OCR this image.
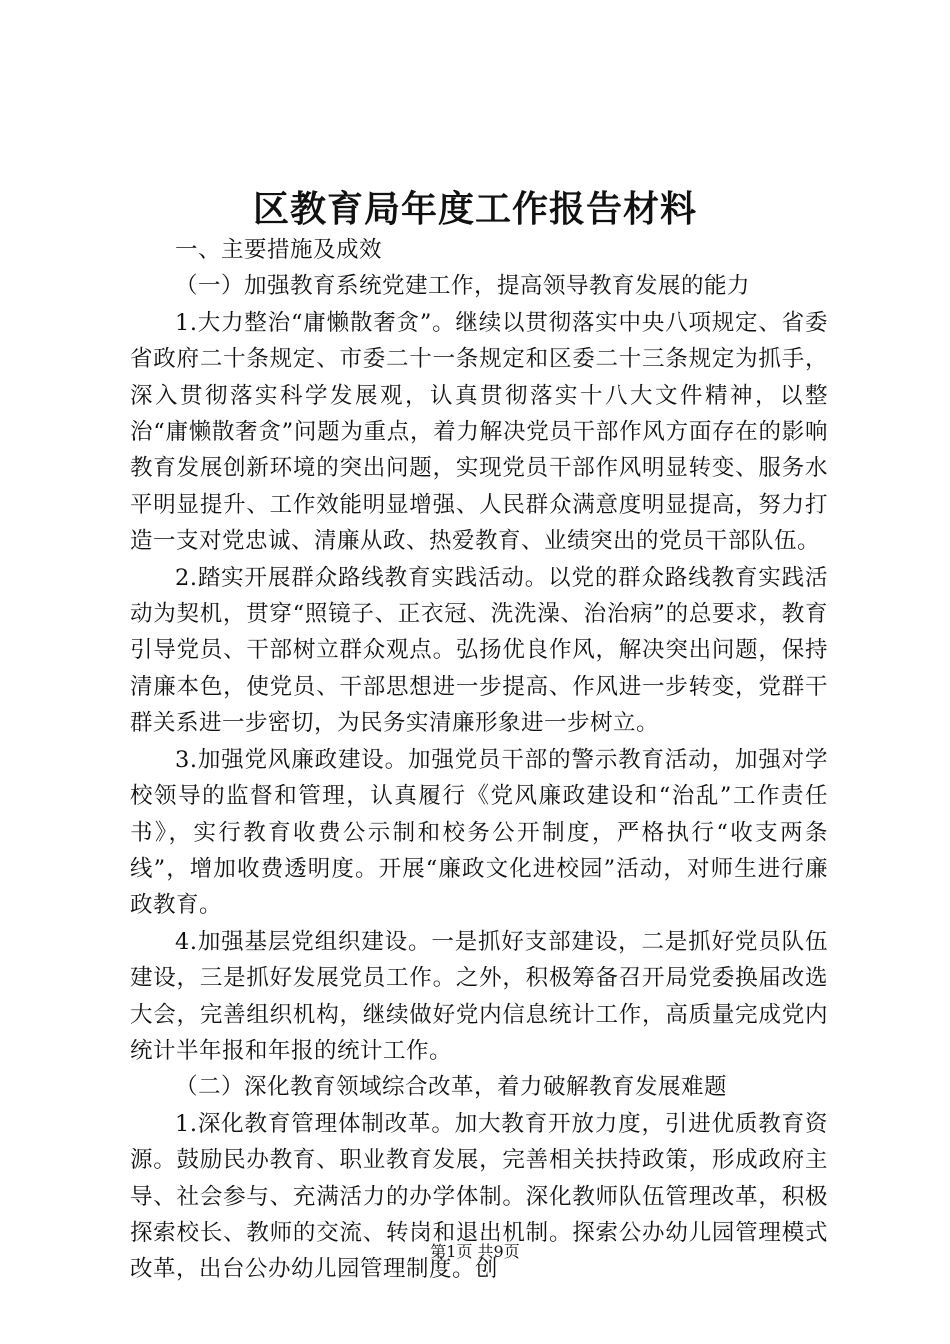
区教育局年度工作报告材料

一、主要措施及成效

（一）加强教育系统党建工作，提高领导教育发展的能力

1.大力整治“庸懒散奢贪”。继续以贯彻落实中央八项规定、省委省政府二十条规定、市委二十一条规定和区委二十三条规定为抓手，深入贯彻落实科学发展观，认真贯彻落实十八大文件精神，以整治“庸懒散奢贪”问题为重点，着力解决党员干部作风方面存在的影响教育发展创新环境的突出问题，实现党员干部作风明显转变、服务水平明显提升、工作效能明显增强、人民群众满意度明显提高，努力打造一支对党忠诚、清廉从政、热爱教育、业绩突出的党员干部队伍。

2.踏实开展群众路线教育实践活动。以党的群众路线教育实践活动为契机，贯穿“照镜子、正衣冠、洗洗澡、治治病”的总要求，教育引导党员、干部树立群众观点。弘扬优良作风，解决突出问题，保持清廉本色，使党员、干部思想进一步提高、作风进一步转变，党群干群关系进一步密切，为民务实清廉形象进一步树立。

3.加强党风廉政建设。加强党员干部的警示教育活动，加强对学校领导的监督和管理，认真履行《党风廉政建设和“治乱”工作责任书》，实行教育收费公示制和校务公开制度，严格执行“收支两条线”，增加收费透明度。开展“廉政文化进校园”活动，对师生进行廉政教育。

4.加强基层党组织建设。一是抓好支部建设，二是抓好党员队伍建设，三是抓好发展党员工作。之外，积极筹备召开局党委换届改选大会，完善组织机构，继续做好党内信息统计工作，高质量完成党内统计半年报和年报的统计工作。

（二）深化教育领域综合改革，着力破解教育发展难题

1.深化教育管理体制改革。加大教育开放力度，引进优质教育资源。鼓励民办教育、职业教育发展，完善相关扶持政策，形成政府主导、社会参与、充满活力的办学体制。深化教师队伍管理改革，积极探索校长、教师的交流、转岗和退出机制。探索公办幼儿园管理模式改革，出台公办幼儿园管理制度。创

第1页 共9页
